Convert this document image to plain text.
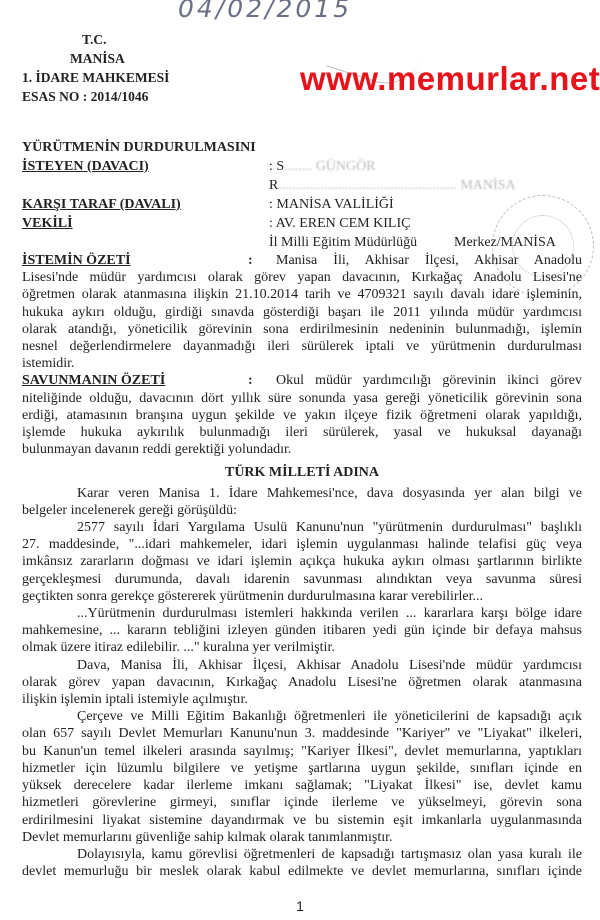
04/02/2015
T.C.
MANİSA
1. İDARE MAHKEMESİ
ESAS NO : 2014/1046	www.memurlar.net
YÜRÜTMENİN DURDURULMASINI
İSTEYEN (DAVACI)	: S........ GÜNGÖR
R................................................... MANİSA
KARŞI TARAF (DAVALI)	: MANİSA VALİLİĞİ
VEKİLİ	: AV. EREN CEM KILIÇ
İl Milli Eğitim Müdürlüğü	Merkez/MANİSA
İSTEMİN ÖZETİ	:	Manisa İli, Akhisar İlçesi, Akhisar Anadolu
Lisesi'nde müdür yardımcısı olarak görev yapan davacının, Kırkağaç Anadolu Lisesi'ne
öğretmen olarak atanmasına ilişkin 21.10.2014 tarih ve 4709321 sayılı davalı idare işleminin,
hukuka aykırı olduğu, girdiği sınavda gösterdiği başarı ile 2011 yılında müdür yardımcısı
olarak atandığı, yöneticilik görevinin sona erdirilmesinin nedeninin bulunmadığı, işlemin
nesnel değerlendirmelere dayanmadığı ileri sürülerek iptali ve yürütmenin durdurulması
istemidir.
SAVUNMANIN ÖZETİ	:	Okul müdür yardımcılığı görevinin ikinci görev
niteliğinde olduğu, davacının dört yıllık süre sonunda yasa gereği yöneticilik görevinin sona
erdiği, atamasının branşına uygun şekilde ve yakın ilçeye fizik öğretmeni olarak yapıldığı,
işlemde hukuka aykırılık bulunmadığı ileri sürülerek, yasal ve hukuksal dayanağı
bulunmayan davanın reddi gerektiği yolundadır.
TÜRK MİLLETİ ADINA
Karar veren Manisa 1. İdare Mahkemesi'nce, dava dosyasında yer alan bilgi ve
belgeler incelenerek gereği görüşüldü:
2577 sayılı İdari Yargılama Usulü Kanunu'nun "yürütmenin durdurulması" başlıklı
27. maddesinde, "...idari mahkemeler, idari işlemin uygulanması halinde telafisi güç veya
imkânsız zararların doğması ve idari işlemin açıkça hukuka aykırı olması şartlarının birlikte
gerçekleşmesi durumunda, davalı idarenin savunması alındıktan veya savunma süresi
geçtikten sonra gerekçe göstererek yürütmenin durdurulmasına karar verebilirler...
...Yürütmenin durdurulması istemleri hakkında verilen ... kararlara karşı bölge idare
mahkemesine, ... kararın tebliğini izleyen günden itibaren yedi gün içinde bir defaya mahsus
olmak üzere itiraz edilebilir. ..." kuralına yer verilmiştir.
Dava, Manisa İli, Akhisar İlçesi, Akhisar Anadolu Lisesi'nde müdür yardımcısı
olarak görev yapan davacının, Kırkağaç Anadolu Lisesi'ne öğretmen olarak atanmasına
ilişkin işlemin iptali istemiyle açılmıştır.
Çerçeve ve Milli Eğitim Bakanlığı öğretmenleri ile yöneticilerini de kapsadığı açık
olan 657 sayılı Devlet Memurları Kanunu'nun 3. maddesinde "Kariyer" ve "Liyakat" ilkeleri,
bu Kanun'un temel ilkeleri arasında sayılmış; "Kariyer İlkesi", devlet memurlarına, yaptıkları
hizmetler için lüzumlu bilgilere ve yetişme şartlarına uygun şekilde, sınıfları içinde en
yüksek derecelere kadar ilerleme imkanı sağlamak; "Liyakat İlkesi" ise, devlet kamu
hizmetleri görevlerine girmeyi, sınıflar içinde ilerleme ve yükselmeyi, görevin sona
erdirilmesini liyakat sistemine dayandırmak ve bu sistemin eşit imkanlarla uygulanmasında
Devlet memurlarını güvenliğe sahip kılmak olarak tanımlanmıştır.
Dolayısıyla, kamu görevlisi öğretmenleri de kapsadığı tartışmasız olan yasa kuralı ile
devlet memurluğu bir meslek olarak kabul edilmekte ve devlet memurlarına, sınıfları içinde
1
